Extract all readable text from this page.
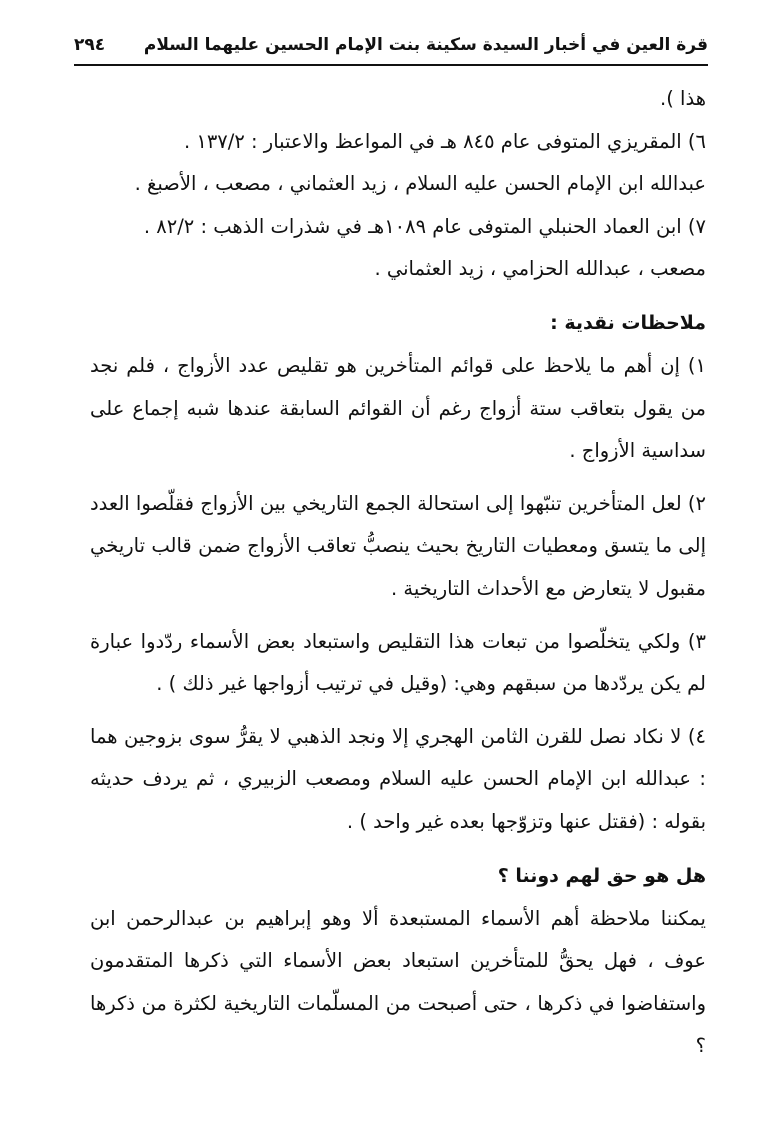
قرة العين في أخبار السيدة سكينة بنت الإمام الحسين عليهما السلام
٢٩٤

هذا ).

٦) المقريزي المتوفى عام ٨٤٥ هـ في المواعظ والاعتبار : ١٣٧/٢ .

عبدالله ابن الإمام الحسن عليه السلام ، زيد العثماني ، مصعب ، الأصبغ .

٧) ابن العماد الحنبلي المتوفى عام ١٠٨٩هـ في شذرات الذهب : ٨٢/٢ .

مصعب ، عبدالله الحزامي ، زيد العثماني .

ملاحظات نقدية :

١) إن أهم ما يلاحظ على قوائم المتأخرين هو تقليص عدد الأزواج ، فلم نجد من يقول بتعاقب ستة أزواج رغم أن القوائم السابقة عندها شبه إجماع على سداسية الأزواج .

٢) لعل المتأخرين تنبّهوا إلى استحالة الجمع التاريخي بين الأزواج فقلّصوا العدد إلى ما يتسق ومعطيات التاريخ بحيث ينصبُّ تعاقب الأزواج ضمن قالب تاريخي مقبول لا يتعارض مع الأحداث التاريخية .

٣) ولكي يتخلّصوا من تبعات هذا التقليص واستبعاد بعض الأسماء ردّدوا عبارة لم يكن يردّدها من سبقهم وهي: (وقيل في ترتيب أزواجها غير ذلك ) .

٤) لا نكاد نصل للقرن الثامن الهجري إلا ونجد الذهبي لا يقرُّ سوى بزوجين هما : عبدالله ابن الإمام الحسن عليه السلام ومصعب الزبيري ، ثم يردف حديثه بقوله : (فقتل عنها وتزوّجها بعده غير واحد ) .

هل هو حق لهم دوننا ؟

يمكننا ملاحظة أهم الأسماء المستبعدة ألا وهو إبراهيم بن عبدالرحمن ابن عوف ، فهل يحقُّ للمتأخرين استبعاد بعض الأسماء التي ذكرها المتقدمون واستفاضوا في ذكرها ، حتى أصبحت من المسلّمات التاريخية لكثرة من ذكرها ؟
